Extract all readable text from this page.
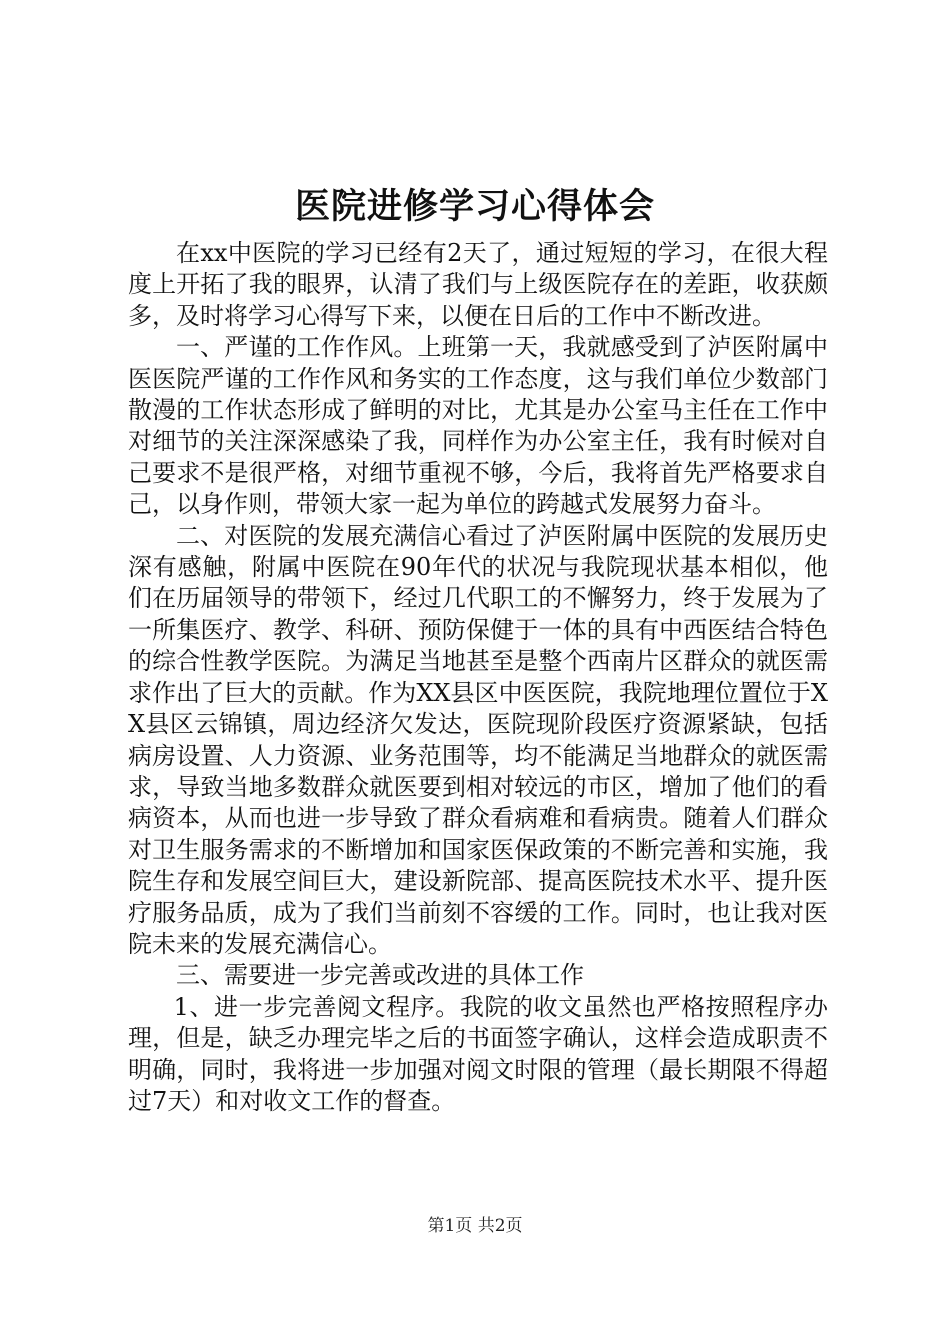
医院进修学习心得体会

在xx中医院的学习已经有2天了，通过短短的学习，在很大程度上开拓了我的眼界，认清了我们与上级医院存在的差距，收获颇多，及时将学习心得写下来，以便在日后的工作中不断改进。

一、严谨的工作作风。上班第一天，我就感受到了泸医附属中医医院严谨的工作作风和务实的工作态度，这与我们单位少数部门散漫的工作状态形成了鲜明的对比，尤其是办公室马主任在工作中对细节的关注深深感染了我，同样作为办公室主任，我有时候对自己要求不是很严格，对细节重视不够，今后，我将首先严格要求自己，以身作则，带领大家一起为单位的跨越式发展努力奋斗。

二、对医院的发展充满信心看过了泸医附属中医院的发展历史深有感触，附属中医院在90年代的状况与我院现状基本相似，他们在历届领导的带领下，经过几代职工的不懈努力，终于发展为了一所集医疗、教学、科研、预防保健于一体的具有中西医结合特色的综合性教学医院。为满足当地甚至是整个西南片区群众的就医需求作出了巨大的贡献。作为XX县区中医医院，我院地理位置位于XX县区云锦镇，周边经济欠发达，医院现阶段医疗资源紧缺，包括病房设置、人力资源、业务范围等，均不能满足当地群众的就医需求，导致当地多数群众就医要到相对较远的市区，增加了他们的看病资本，从而也进一步导致了群众看病难和看病贵。随着人们群众对卫生服务需求的不断增加和国家医保政策的不断完善和实施，我院生存和发展空间巨大，建设新院部、提高医院技术水平、提升医疗服务品质，成为了我们当前刻不容缓的工作。同时，也让我对医院未来的发展充满信心。

三、需要进一步完善或改进的具体工作

1、进一步完善阅文程序。我院的收文虽然也严格按照程序办理，但是，缺乏办理完毕之后的书面签字确认，这样会造成职责不明确，同时，我将进一步加强对阅文时限的管理（最长期限不得超过7天）和对收文工作的督查。

第1页 共2页
